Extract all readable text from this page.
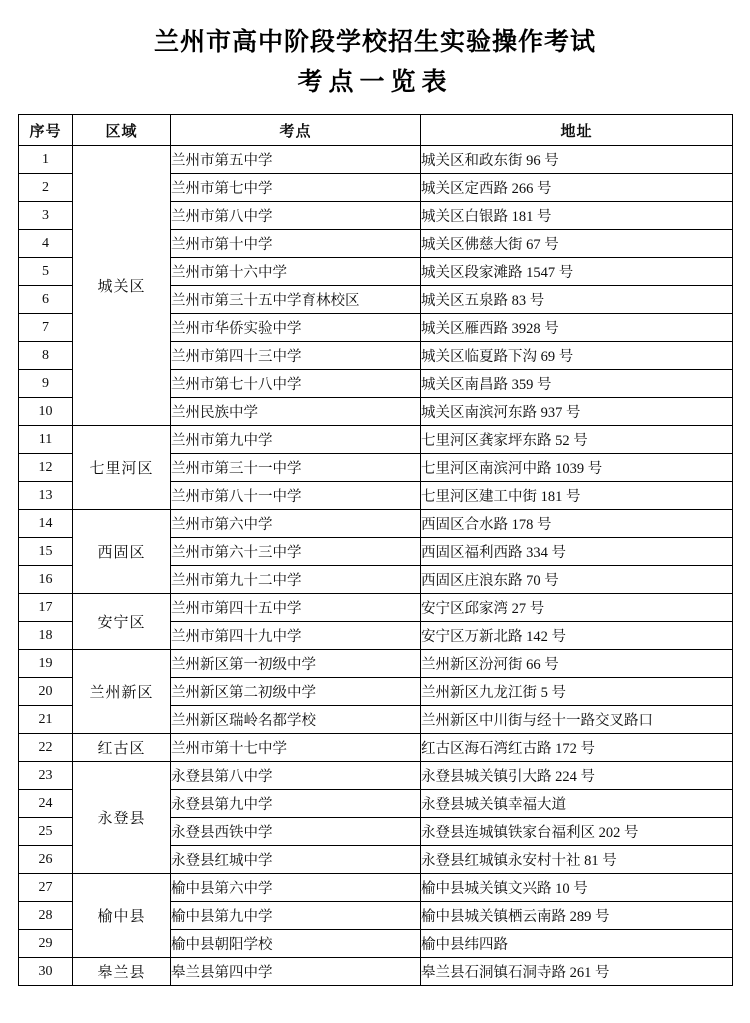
兰州市高中阶段学校招生实验操作考试
考点一览表
序号	区域	考点	地址
1	城关区	兰州市第五中学	城关区和政东街 96 号
2		兰州市第七中学	城关区定西路 266 号
3		兰州市第八中学	城关区白银路 181 号
4		兰州市第十中学	城关区佛慈大街 67 号
5		兰州市第十六中学	城关区段家滩路 1547 号
6		兰州市第三十五中学育林校区	城关区五泉路 83 号
7		兰州市华侨实验中学	城关区雁西路 3928 号
8		兰州市第四十三中学	城关区临夏路下沟 69 号
9		兰州市第七十八中学	城关区南昌路 359 号
10		兰州民族中学	城关区南滨河东路 937 号
11	七里河区	兰州市第九中学	七里河区龚家坪东路 52 号
12		兰州市第三十一中学	七里河区南滨河中路 1039 号
13		兰州市第八十一中学	七里河区建工中街 181 号
14	西固区	兰州市第六中学	西固区合水路 178 号
15		兰州市第六十三中学	西固区福利西路 334 号
16		兰州市第九十二中学	西固区庄浪东路 70 号
17	安宁区	兰州市第四十五中学	安宁区邱家湾 27 号
18		兰州市第四十九中学	安宁区万新北路 142 号
19	兰州新区	兰州新区第一初级中学	兰州新区汾河街 66 号
20		兰州新区第二初级中学	兰州新区九龙江街 5 号
21		兰州新区瑞岭名都学校	兰州新区中川街与经十一路交叉路口
22	红古区	兰州市第十七中学	红古区海石湾红古路 172 号
23	永登县	永登县第八中学	永登县城关镇引大路 224 号
24		永登县第九中学	永登县城关镇幸福大道
25		永登县西铁中学	永登县连城镇铁家台福利区 202 号
26		永登县红城中学	永登县红城镇永安村十社 81 号
27	榆中县	榆中县第六中学	榆中县城关镇文兴路 10 号
28		榆中县第九中学	榆中县城关镇栖云南路 289 号
29		榆中县朝阳学校	榆中县纬四路
30	皋兰县	皋兰县第四中学	皋兰县石洞镇石洞寺路 261 号
